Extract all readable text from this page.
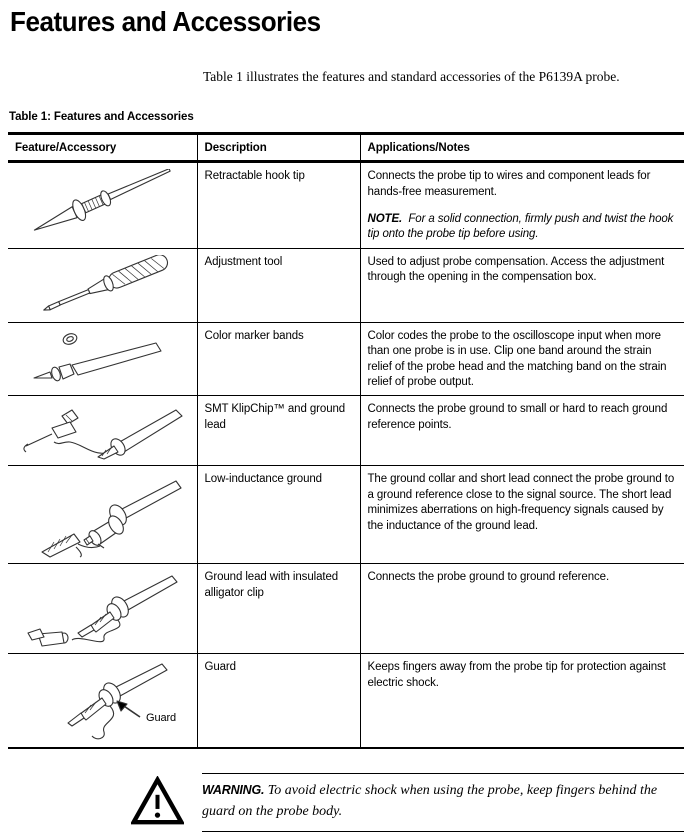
Features and Accessories

Table 1 illustrates the features and standard accessories of the P6139A probe.

Table 1: Features and Accessories
Feature/Accessory	Description	Applications/Notes

	Retractable hook tip	Connects the probe tip to wires and component leads for hands-free measurement.

NOTE. For a solid connection, firmly push and twist the hook tip onto the probe tip before using.

	Adjustment tool	Used to adjust probe compensation. Access the adjustment through the opening in the compensation box.

	Color marker bands	Color codes the probe to the oscilloscope input when more than one probe is in use. Clip one band around the strain relief of the probe head and the matching band on the strain relief of probe output.

	SMT KlipChip™ and ground lead	Connects the probe ground to small or hard to reach ground reference points.

	Low-inductance ground	The ground collar and short lead connect the probe ground to a ground reference close to the signal source. The short lead minimizes aberrations on high-frequency signals caused by the inductance of the ground lead.

	Ground lead with insulated alligator clip	Connects the probe ground to ground reference.

Guard	Guard	Keeps fingers away from the probe tip for protection against electric shock.

WARNING. To avoid electric shock when using the probe, keep fingers behind the guard on the probe body.
